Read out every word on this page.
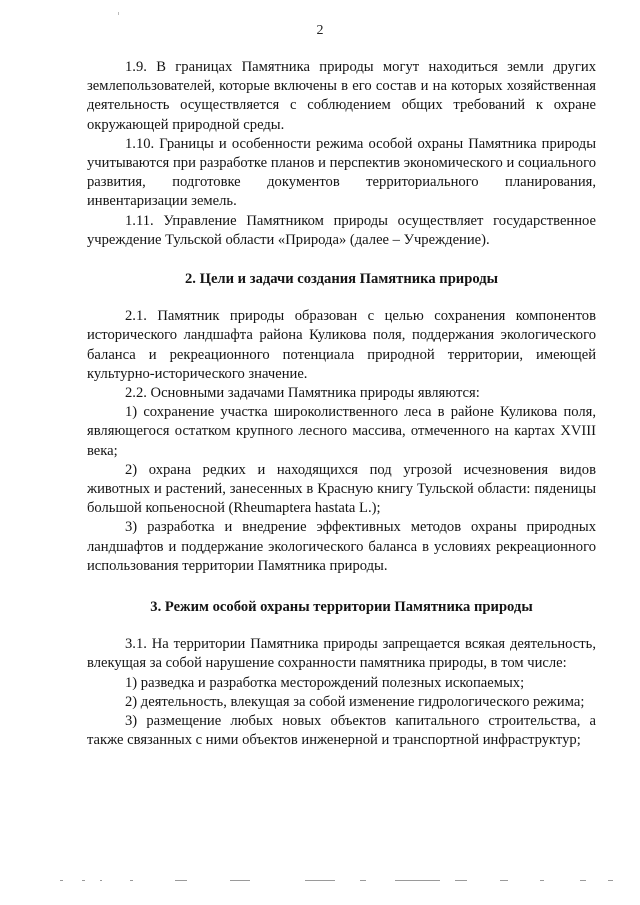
2

1.9. В границах Памятника природы могут находиться земли других землепользователей, которые включены в его состав и на которых хозяйственная деятельность осуществляется с соблюдением общих требований к охране окружающей природной среды.

1.10. Границы и особенности режима особой охраны Памятника природы учитываются при разработке планов и перспектив экономического и социального развития, подготовке документов территориального планирования, инвентаризации земель.

1.11. Управление Памятником природы осуществляет государственное учреждение Тульской области «Природа» (далее – Учреждение).

2. Цели и задачи создания Памятника природы

2.1. Памятник природы образован с целью сохранения компонентов исторического ландшафта района Куликова поля, поддержания экологического баланса и рекреационного потенциала природной территории, имеющей культурно-исторического значение.

2.2. Основными задачами Памятника природы являются:

1) сохранение участка широколиственного леса в районе Куликова поля, являющегося остатком крупного лесного массива, отмеченного на картах XVIII века;

2) охрана редких и находящихся под угрозой исчезновения видов животных и растений, занесенных в Красную книгу Тульской области: пяденицы большой копьеносной (Rheumaptera hastata L.);

3) разработка и внедрение эффективных методов охраны природных ландшафтов и поддержание экологического баланса в условиях рекреационного использования территории Памятника природы.

3. Режим особой охраны территории Памятника природы

3.1. На территории Памятника природы запрещается всякая деятельность, влекущая за собой нарушение сохранности памятника природы, в том числе:

1) разведка и разработка месторождений полезных ископаемых;

2) деятельность, влекущая за собой изменение гидрологического режима;

3) размещение любых новых объектов капитального строительства, а также связанных с ними объектов инженерной и транспортной инфраструктур;
